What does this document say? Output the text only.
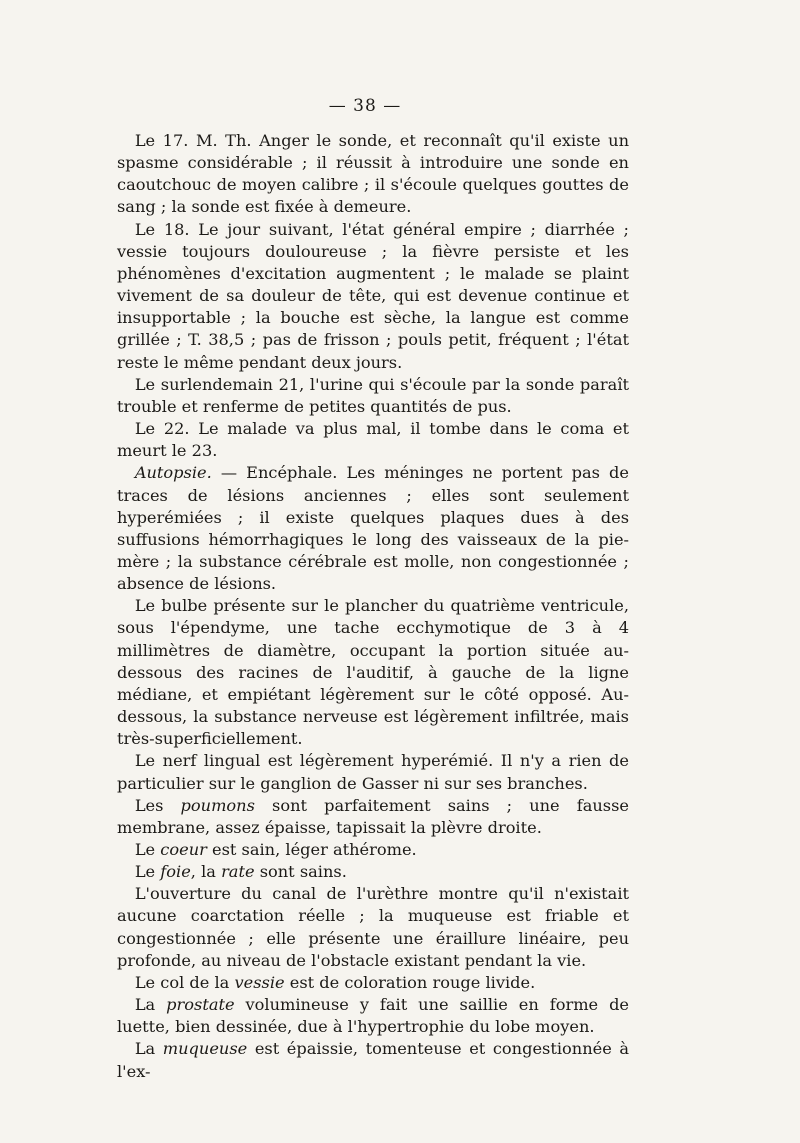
— 38 —

Le 17. M. Th. Anger le sonde, et reconnaît qu'il existe un spasme considérable ; il réussit à introduire une sonde en caoutchouc de moyen calibre ; il s'écoule quelques gouttes de sang ; la sonde est fixée à demeure.

Le 18. Le jour suivant, l'état général empire ; diarrhée ; vessie toujours douloureuse ; la fièvre persiste et les phénomènes d'excitation augmentent ; le malade se plaint vivement de sa douleur de tête, qui est devenue continue et insupportable ; la bouche est sèche, la langue est comme grillée ; T. 38,5 ; pas de frisson ; pouls petit, fréquent ; l'état reste le même pendant deux jours.

Le surlendemain 21, l'urine qui s'écoule par la sonde paraît trouble et renferme de petites quantités de pus.

Le 22. Le malade va plus mal, il tombe dans le coma et meurt le 23.

Autopsie. — Encéphale. Les méninges ne portent pas de traces de lésions anciennes ; elles sont seulement hyperémiées ; il existe quelques plaques dues à des suffusions hémorrhagiques le long des vaisseaux de la pie-mère ; la substance cérébrale est molle, non congestionnée ; absence de lésions.

Le bulbe présente sur le plancher du quatrième ventricule, sous l'épendyme, une tache ecchymotique de 3 à 4 millimètres de diamètre, occupant la portion située au-dessous des racines de l'auditif, à gauche de la ligne médiane, et empiétant légèrement sur le côté opposé. Au-dessous, la substance nerveuse est légèrement infiltrée, mais très-superficiellement.

Le nerf lingual est légèrement hyperémié. Il n'y a rien de particulier sur le ganglion de Gasser ni sur ses branches.

Les poumons sont parfaitement sains ; une fausse membrane, assez épaisse, tapissait la plèvre droite.

Le coeur est sain, léger athérome.

Le foie, la rate sont sains.

L'ouverture du canal de l'urèthre montre qu'il n'existait aucune coarctation réelle ; la muqueuse est friable et congestionnée ; elle présente une éraillure linéaire, peu profonde, au niveau de l'obstacle existant pendant la vie.

Le col de la vessie est de coloration rouge livide.

La prostate volumineuse y fait une saillie en forme de luette, bien dessinée, due à l'hypertrophie du lobe moyen.

La muqueuse est épaissie, tomenteuse et congestionnée à l'ex-
